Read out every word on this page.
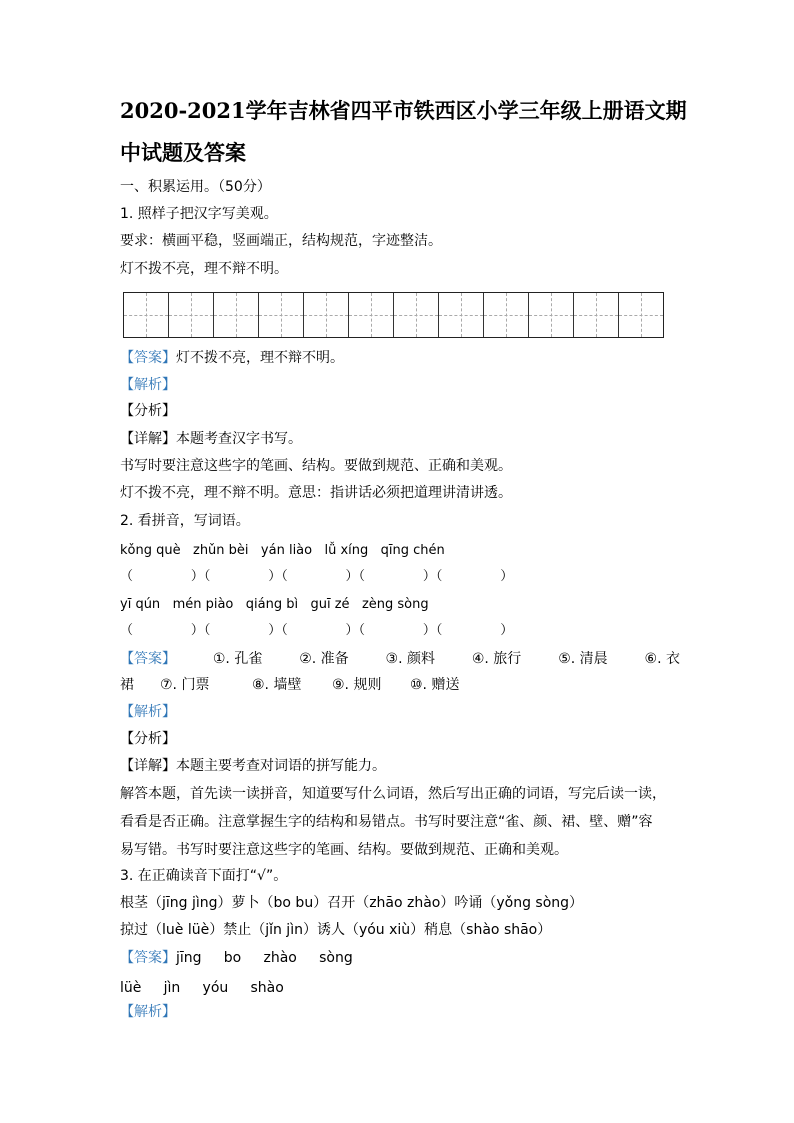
2020-2021学年吉林省四平市铁西区小学三年级上册语文期
中试题及答案
一、积累运用。（50分）
1. 照样子把汉字写美观。
要求：横画平稳，竖画端正，结构规范，字迹整洁。
灯不拨不亮，理不辩不明。
【答案】灯不拨不亮，理不辩不明。
【解析】
【分析】
【详解】本题考查汉字书写。
书写时要注意这些字的笔画、结构。要做到规范、正确和美观。
灯不拨不亮，理不辩不明。意思：指讲话必须把道理讲清讲透。
2. 看拼音，写词语。
kǒng què   zhǔn bèi   yán liào   lǚ xíng   qīng chén
（              ）（              ）（              ）（              ）（              ）
yī qún   mén piào   qiáng bì   guī zé   zèng sòng
（              ）（              ）（              ）（              ）（              ）
【答案】	①. 孔雀	②. 准备	③. 颜料	④. 旅行	⑤. 清晨	⑥. 衣
裙 ⑦. 门票	⑧. 墙壁 ⑨. 规则 ⑩. 赠送
【解析】
【分析】
【详解】本题主要考查对词语的拼写能力。
解答本题，首先读一读拼音，知道要写什么词语，然后写出正确的词语，写完后读一读，
看看是否正确。注意掌握生字的结构和易错点。书写时要注意“雀、颜、裙、壁、赠”容
易写错。书写时要注意这些字的笔画、结构。要做到规范、正确和美观。
3. 在正确读音下面打“√”。
根茎（jīng jìng）萝卜（bo bu）召开（zhāo zhào）吟诵（yǒng sòng）
掠过（luè lüè）禁止（jǐn jìn）诱人（yóu xiù）稍息（shào shāo）
【答案】jīng     bo     zhào     sòng
lüè     jìn     yóu     shào
【解析】
